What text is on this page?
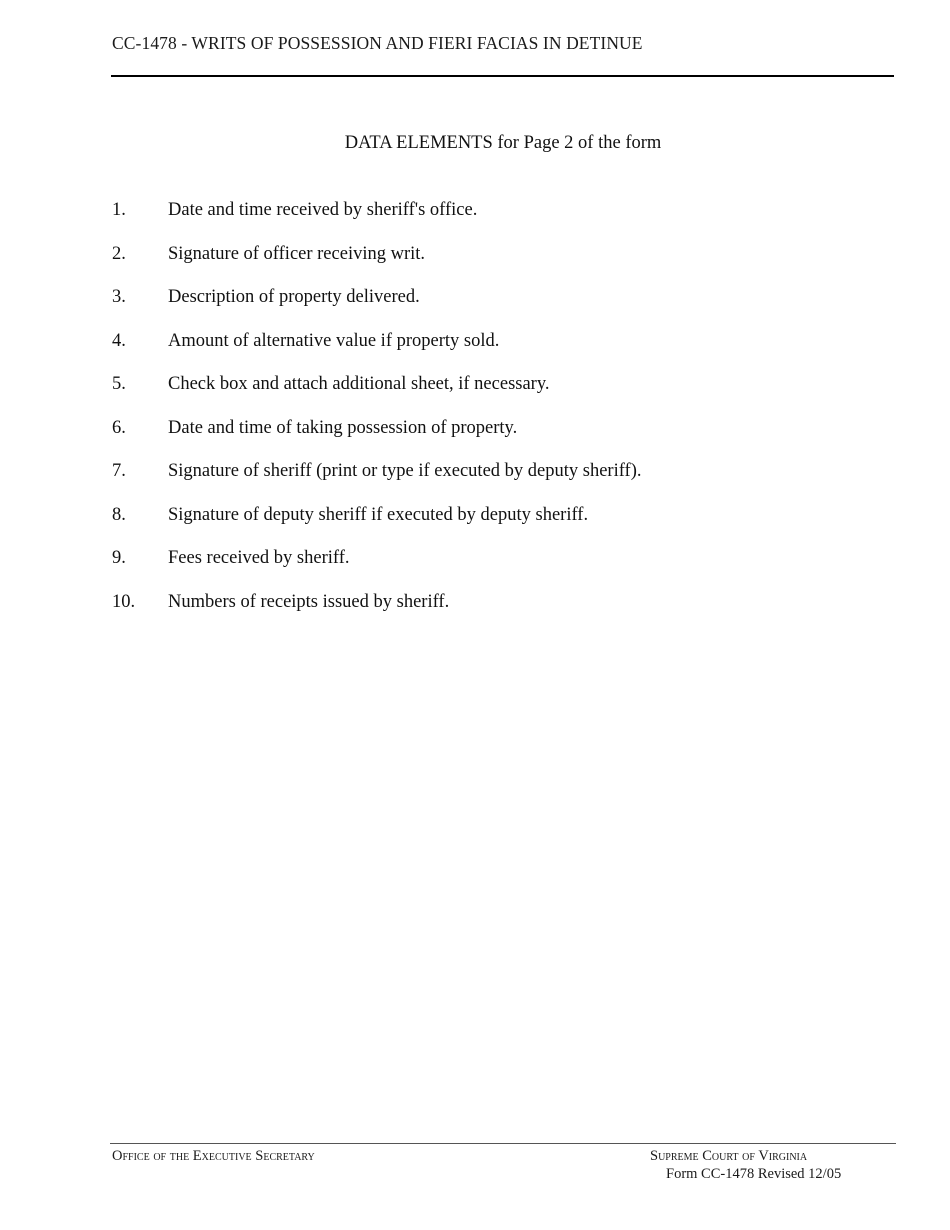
CC-1478 - WRITS OF POSSESSION AND FIERI FACIAS IN DETINUE
DATA ELEMENTS for Page 2 of the form
1.	Date and time received by sheriff's office.
2.	Signature of officer receiving writ.
3.	Description of property delivered.
4.	Amount of alternative value if property sold.
5.	Check box and attach additional sheet, if necessary.
6.	Date and time of taking possession of property.
7.	Signature of sheriff (print or type if executed by deputy sheriff).
8.	Signature of deputy sheriff if executed by deputy sheriff.
9.	Fees received by sheriff.
10.	Numbers of receipts issued by sheriff.
Office of the Executive Secretary	Supreme Court of Virginia
Form CC-1478 Revised 12/05
